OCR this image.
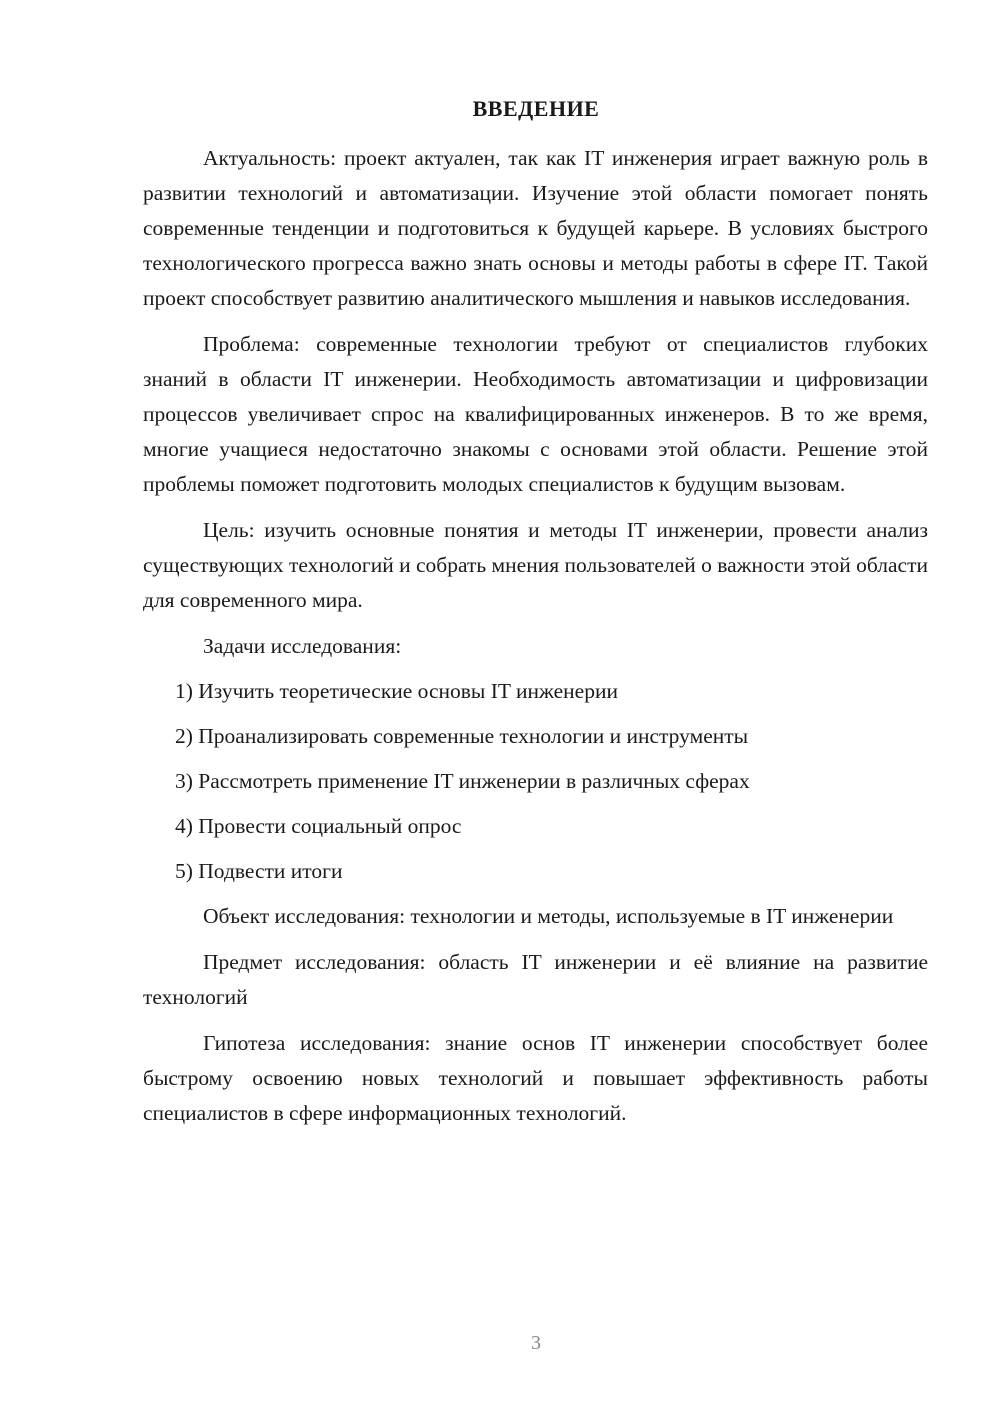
ВВЕДЕНИЕ

Актуальность: проект актуален, так как IT инженерия играет важную роль в развитии технологий и автоматизации. Изучение этой области помогает понять современные тенденции и подготовиться к будущей карьере. В условиях быстрого технологического прогресса важно знать основы и методы работы в сфере IT. Такой проект способствует развитию аналитического мышления и навыков исследования.

Проблема: современные технологии требуют от специалистов глубоких знаний в области IT инженерии. Необходимость автоматизации и цифровизации процессов увеличивает спрос на квалифицированных инженеров. В то же время, многие учащиеся недостаточно знакомы с основами этой области. Решение этой проблемы поможет подготовить молодых специалистов к будущим вызовам.

Цель: изучить основные понятия и методы IT инженерии, провести анализ существующих технологий и собрать мнения пользователей о важности этой области для современного мира.

Задачи исследования:

1) Изучить теоретические основы IT инженерии

2) Проанализировать современные технологии и инструменты

3) Рассмотреть применение IT инженерии в различных сферах

4) Провести социальный опрос

5) Подвести итоги

Объект исследования: технологии и методы, используемые в IT инженерии

Предмет исследования: область IT инженерии и её влияние на развитие технологий

Гипотеза исследования: знание основ IT инженерии способствует более быстрому освоению новых технологий и повышает эффективность работы специалистов в сфере информационных технологий.

3
